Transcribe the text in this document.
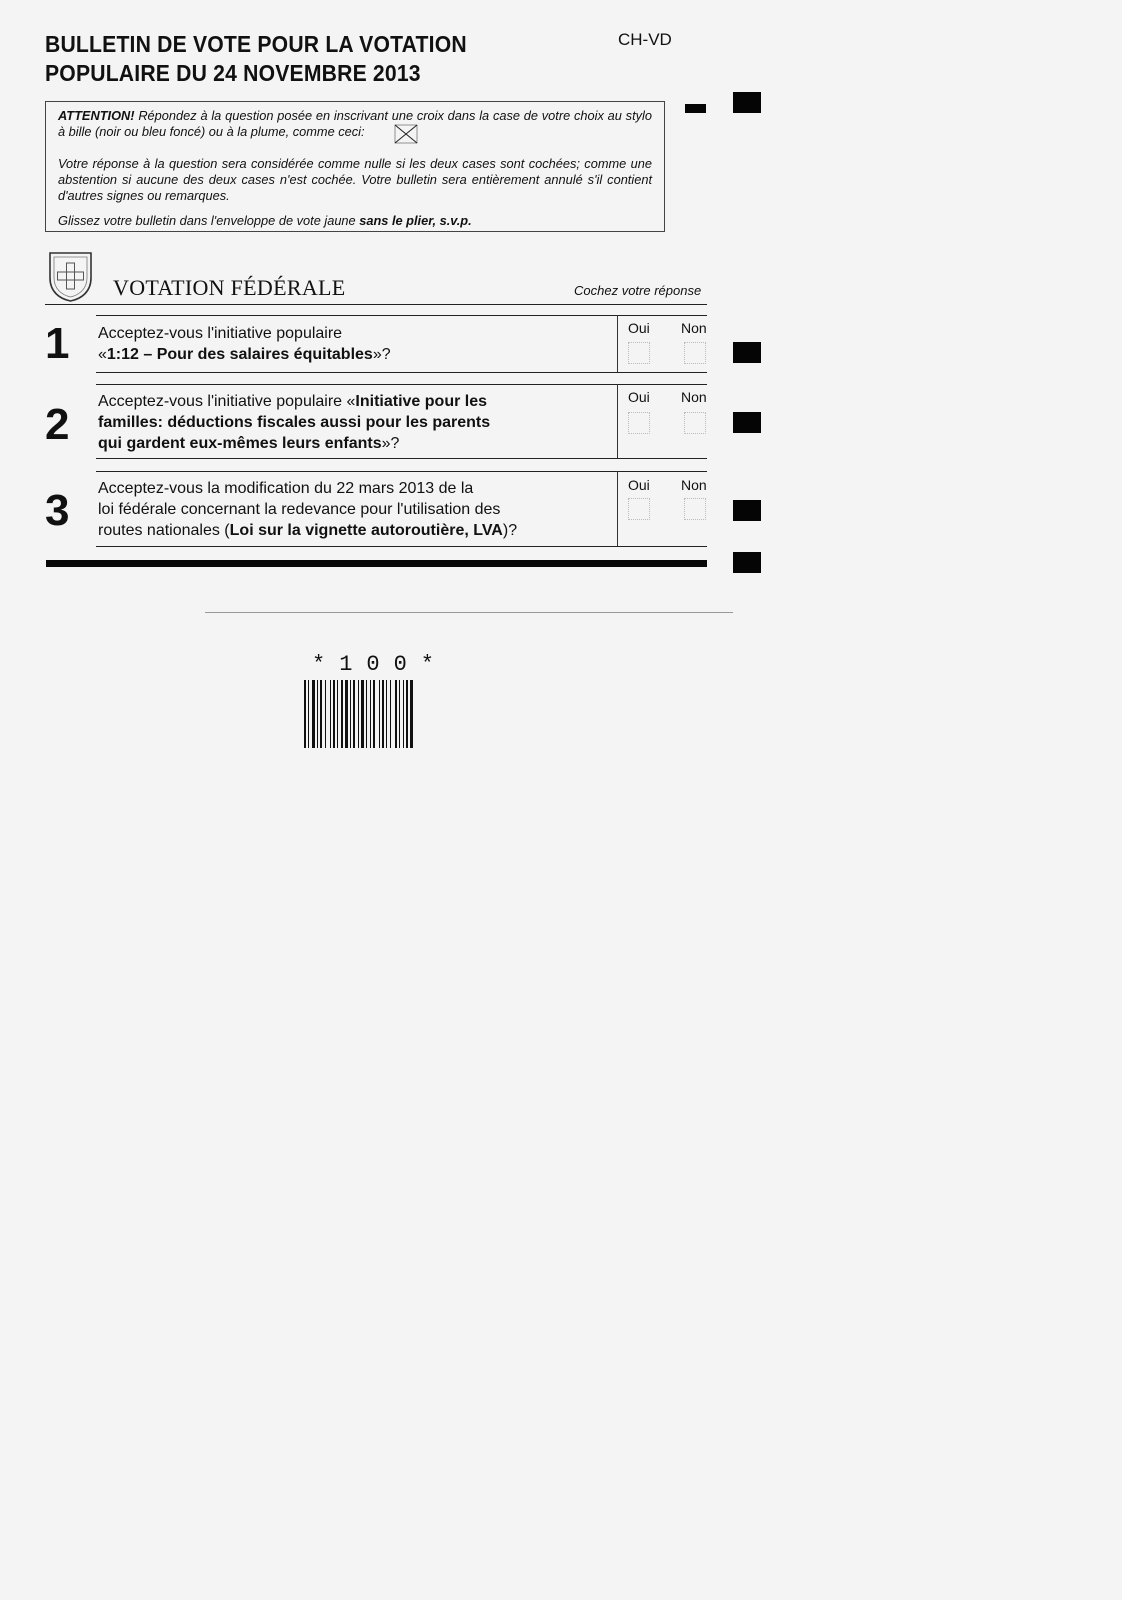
BULLETIN DE VOTE POUR LA VOTATION
POPULAIRE DU 24 NOVEMBRE 2013
CH-VD

ATTENTION! Répondez à la question posée en inscrivant une croix dans la case de votre choix au stylo à bille (noir ou bleu foncé) ou à la plume, comme ceci:

Votre réponse à la question sera considérée comme nulle si les deux cases sont cochées; comme une abstention si aucune des deux cases n'est cochée. Votre bulletin sera entièrement annulé s'il contient d'autres signes ou remarques.

Glissez votre bulletin dans l'enveloppe de vote jaune sans le plier, s.v.p.

VOTATION FÉDÉRALE	Cochez votre réponse
1 Acceptez-vous l'initiative populaire
«1:12 – Pour des salaires équitables»?
Oui Non
2 Acceptez-vous l'initiative populaire «Initiative pour les
familles: déductions fiscales aussi pour les parents
qui gardent eux-mêmes leurs enfants»?
Oui Non
3 Acceptez-vous la modification du 22 mars 2013 de la
loi fédérale concernant la redevance pour l'utilisation des
routes nationales (Loi sur la vignette autoroutière, LVA)?
Oui Non
*100*
